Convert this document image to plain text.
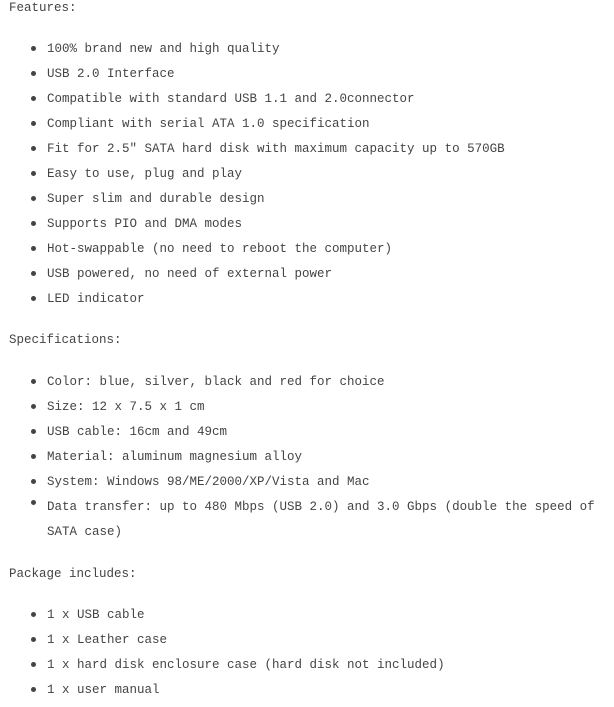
Features:

100% brand new and high quality
USB 2.0 Interface
Compatible with standard USB 1.1 and 2.0connector
Compliant with serial ATA 1.0 specification
Fit for 2.5" SATA hard disk with maximum capacity up to 570GB
Easy to use, plug and play
Super slim and durable design
Supports PIO and DMA modes
Hot-swappable (no need to reboot the computer)
USB powered, no need of external power
LED indicator

Specifications:

Color: blue, silver, black and red for choice
Size: 12 x 7.5 x 1 cm
USB cable: 16cm and 49cm
Material: aluminum magnesium alloy
System: Windows 98/ME/2000/XP/Vista and Mac
Data transfer: up to 480 Mbps (USB 2.0) and 3.0 Gbps (double the speed of SATA case)

Package includes:

1 x USB cable
1 x Leather case
1 x hard disk enclosure case (hard disk not included)
1 x user manual
